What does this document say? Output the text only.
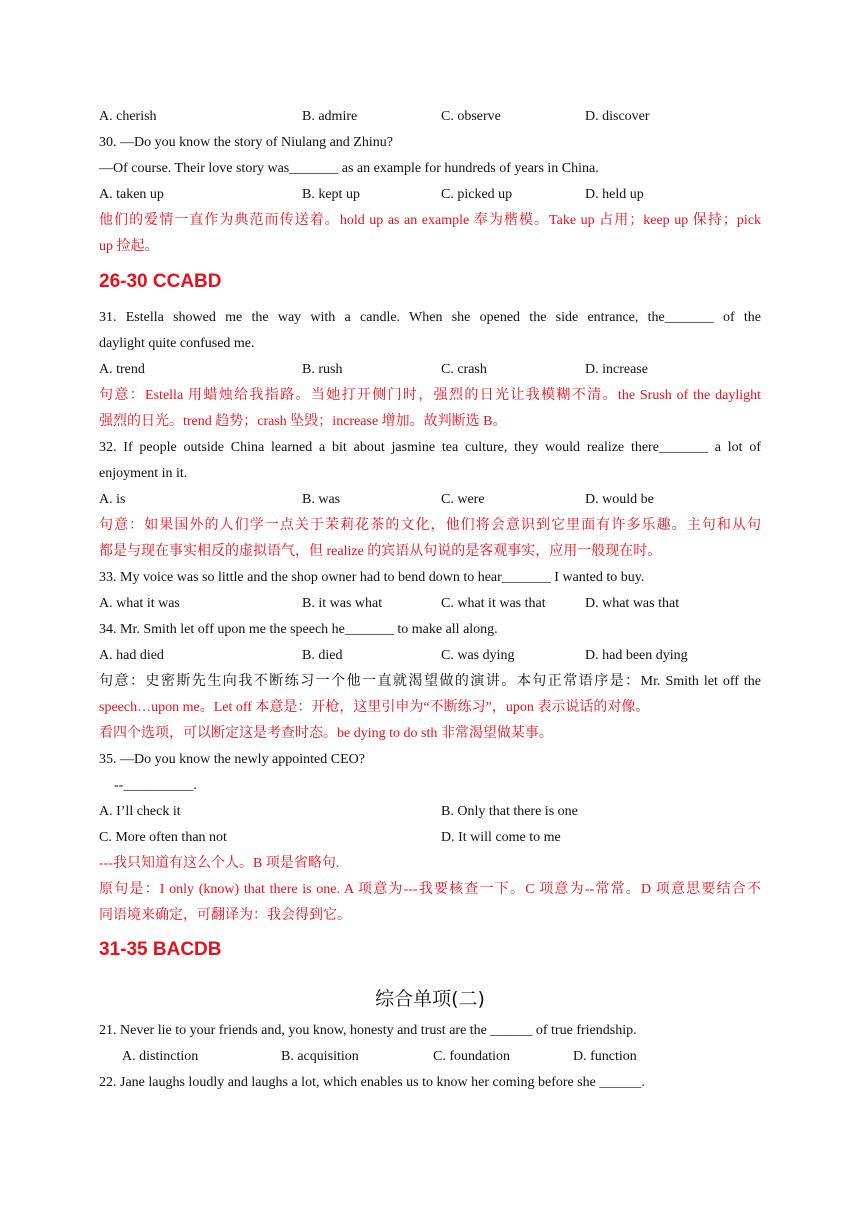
A. cherish	B. admire	C. observe	D. discover
30. —Do you know the story of Niulang and Zhinu?
—Of course. Their love story was_______ as an example for hundreds of years in China.
A. taken up	B. kept up	C. picked up	D. held up
他们的爱情一直作为典范而传送着。hold up as an example 奉为楷模。Take up 占用；keep up 保持；pick
up 捡起。
26-30 CCABD
31. Estella showed me the way with a candle. When she opened the side entrance, the_______ of the
daylight quite confused me.
A. trend	B. rush	C. crash	D. increase
句意：Estella 用蜡烛给我指路。当她打开侧门时，强烈的日光让我模糊不清。the Srush of the daylight
强烈的日光。trend 趋势；crash 坠毁；increase 增加。故判断选 B。
32. If people outside China learned a bit about jasmine tea culture, they would realize there_______ a lot of
enjoyment in it.
A. is	B. was	C. were	D. would be
句意：如果国外的人们学一点关于茉莉花茶的文化，他们将会意识到它里面有许多乐趣。主句和从句
都是与现在事实相反的虚拟语气，但 realize 的宾语从句说的是客观事实，应用一般现在时。
33. My voice was so little and the shop owner had to bend down to hear_______ I wanted to buy.
A. what it was	B. it was what	C. what it was that	D. what was that
34. Mr. Smith let off upon me the speech he_______ to make all along.
A. had died	B. died	C. was dying	D. had been dying
句意：史密斯先生向我不断练习一个他一直就渴望做的演讲。本句正常语序是：Mr. Smith let off the
speech…upon me。Let off 本意是：开枪，这里引申为“不断练习”，upon 表示说话的对像。
看四个选项，可以断定这是考查时态。be dying to do sth 非常渴望做某事。
35. —Do you know the newly appointed CEO?
--__________.
A. I’ll check it	B. Only that there is one
C. More often than not	D. It will come to me
---我只知道有这么个人。B 项是省略句.
原句是：I only (know) that there is one. A 项意为---我要核查一下。C 项意为--常常。D 项意思要结合不
同语境来确定，可翻译为：我会得到它。
31-35 BACDB
综合单项(二)
21. Never lie to your friends and, you know, honesty and trust are the ______ of true friendship.
A. distinction	B. acquisition	C. foundation	D. function
22. Jane laughs loudly and laughs a lot, which enables us to know her coming before she ______.
